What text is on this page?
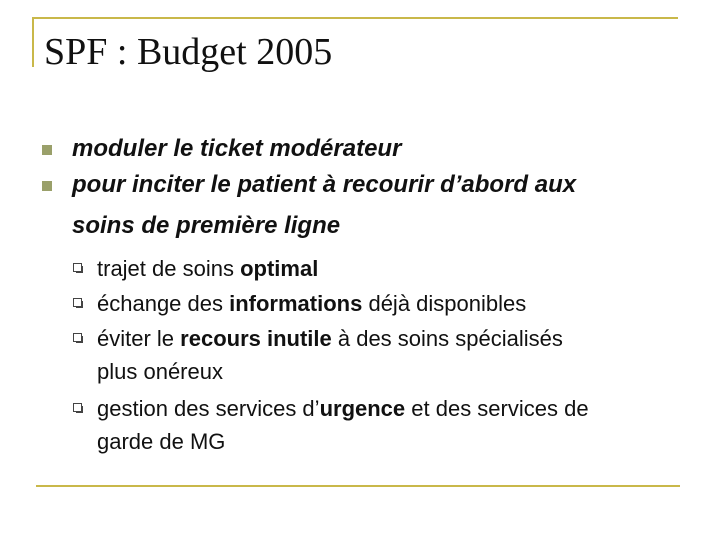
SPF : Budget 2005
moduler le ticket modérateur
pour inciter le patient à recourir d’abord aux
soins de première ligne
trajet de soins optimal
échange des informations déjà disponibles
éviter le recours inutile à des soins spécialisés
plus onéreux
gestion des services d’urgence et des services de
garde de MG
